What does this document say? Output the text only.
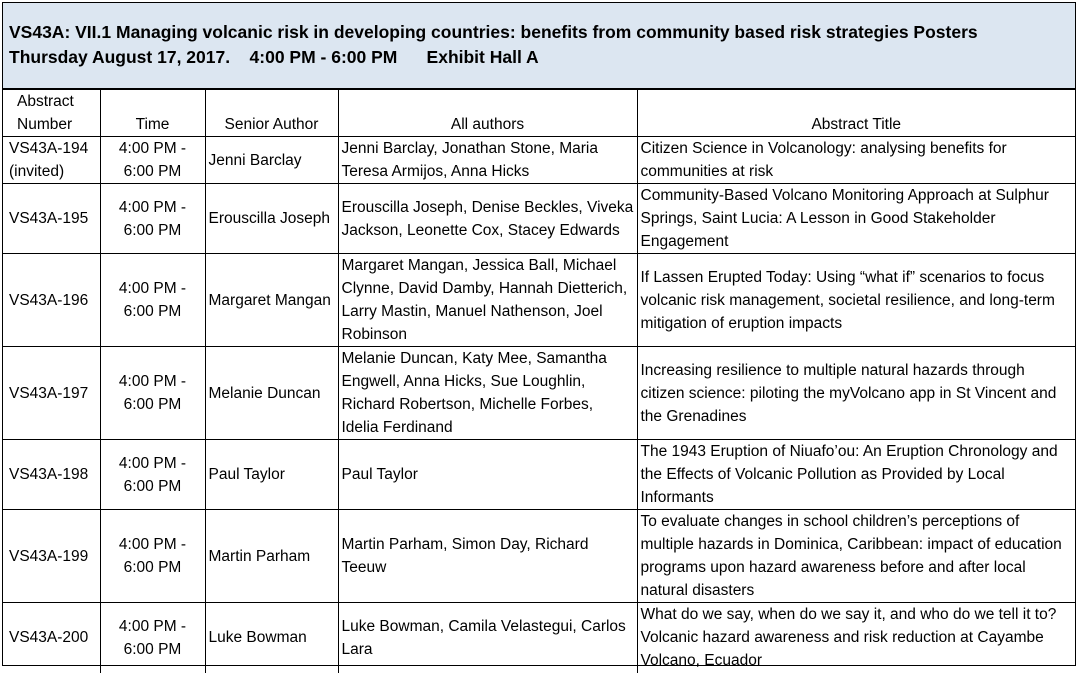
VS43A: VII.1 Managing volcanic risk in developing countries: benefits from community based risk strategies Posters
Thursday August 17, 2017.    4:00 PM - 6:00 PM      Exhibit Hall A
Abstract
Number	Time	Senior Author	All authors	Abstract Title
VS43A-194 (invited)	4:00 PM - 6:00 PM	Jenni Barclay	Jenni Barclay, Jonathan Stone, Maria Teresa Armijos, Anna Hicks	Citizen Science in Volcanology: analysing benefits for communities at risk
VS43A-195	4:00 PM - 6:00 PM	Erouscilla Joseph	Erouscilla Joseph, Denise Beckles, Viveka Jackson, Leonette Cox, Stacey Edwards	Community-Based Volcano Monitoring Approach at Sulphur Springs, Saint Lucia: A Lesson in Good Stakeholder Engagement
VS43A-196	4:00 PM - 6:00 PM	Margaret Mangan	Margaret Mangan, Jessica Ball, Michael Clynne, David Damby, Hannah Dietterich, Larry Mastin, Manuel Nathenson, Joel Robinson	If Lassen Erupted Today: Using “what if” scenarios to focus volcanic risk management, societal resilience, and long-term mitigation of eruption impacts
VS43A-197	4:00 PM - 6:00 PM	Melanie Duncan	Melanie Duncan, Katy Mee, Samantha Engwell, Anna Hicks, Sue Loughlin, Richard Robertson, Michelle Forbes, Idelia Ferdinand	Increasing resilience to multiple natural hazards through citizen science: piloting the myVolcano app in St Vincent and the Grenadines
VS43A-198	4:00 PM - 6:00 PM	Paul Taylor	Paul Taylor	The 1943 Eruption of Niuafo’ou: An Eruption Chronology and the Effects of Volcanic Pollution as Provided by Local Informants
VS43A-199	4:00 PM - 6:00 PM	Martin Parham	Martin Parham, Simon Day, Richard Teeuw	To evaluate changes in school children’s perceptions of multiple hazards in Dominica, Caribbean: impact of education programs upon hazard awareness before and after local natural disasters
VS43A-200	4:00 PM - 6:00 PM	Luke Bowman	Luke Bowman, Camila Velastegui, Carlos Lara	What do we say, when do we say it, and who do we tell it to? Volcanic hazard awareness and risk reduction at Cayambe Volcano, Ecuador
